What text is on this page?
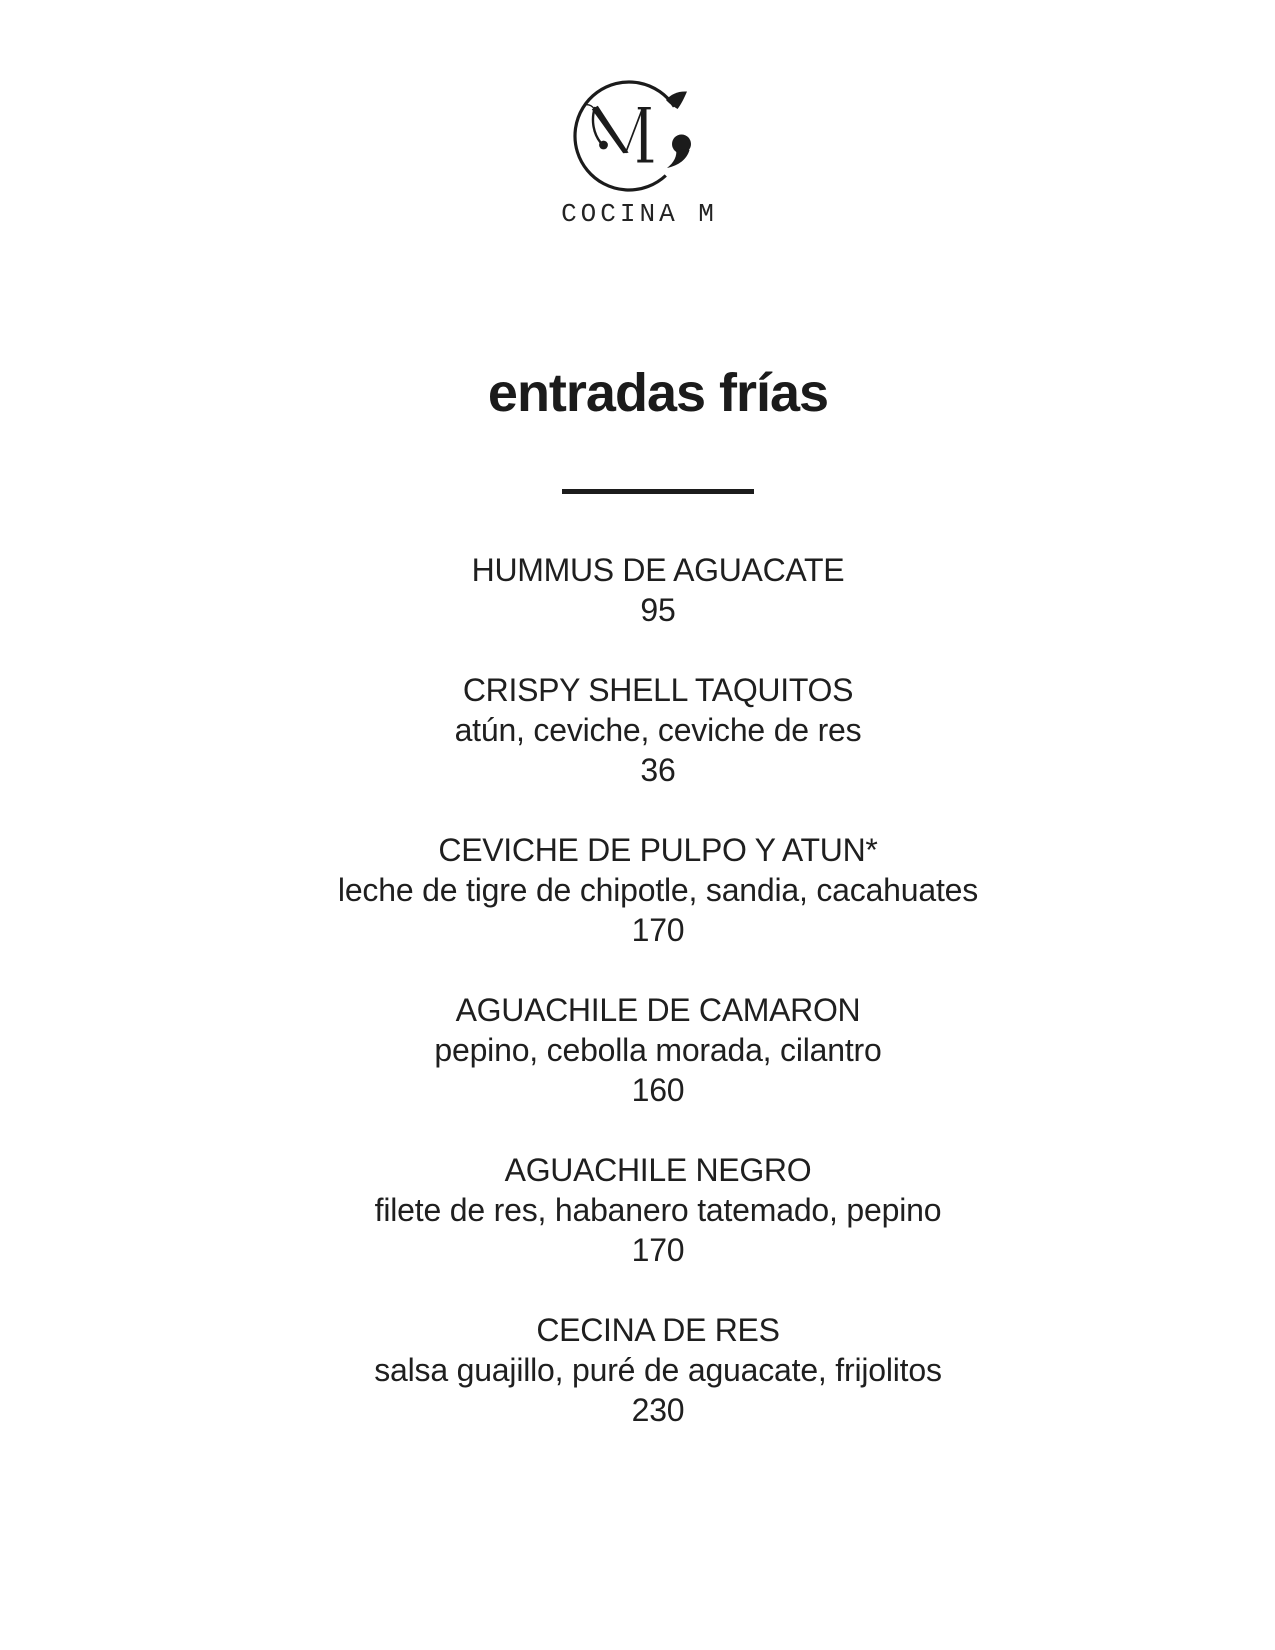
COCINA M
entradas frías
HUMMUS DE AGUACATE
95
CRISPY SHELL TAQUITOS
atún, ceviche, ceviche de res
36
CEVICHE DE PULPO Y ATUN*
leche de tigre de chipotle, sandia, cacahuates
170
AGUACHILE DE CAMARON
pepino, cebolla morada, cilantro
160
AGUACHILE NEGRO
filete de res, habanero tatemado, pepino
170
CECINA DE RES
salsa guajillo, puré de aguacate, frijolitos
230
